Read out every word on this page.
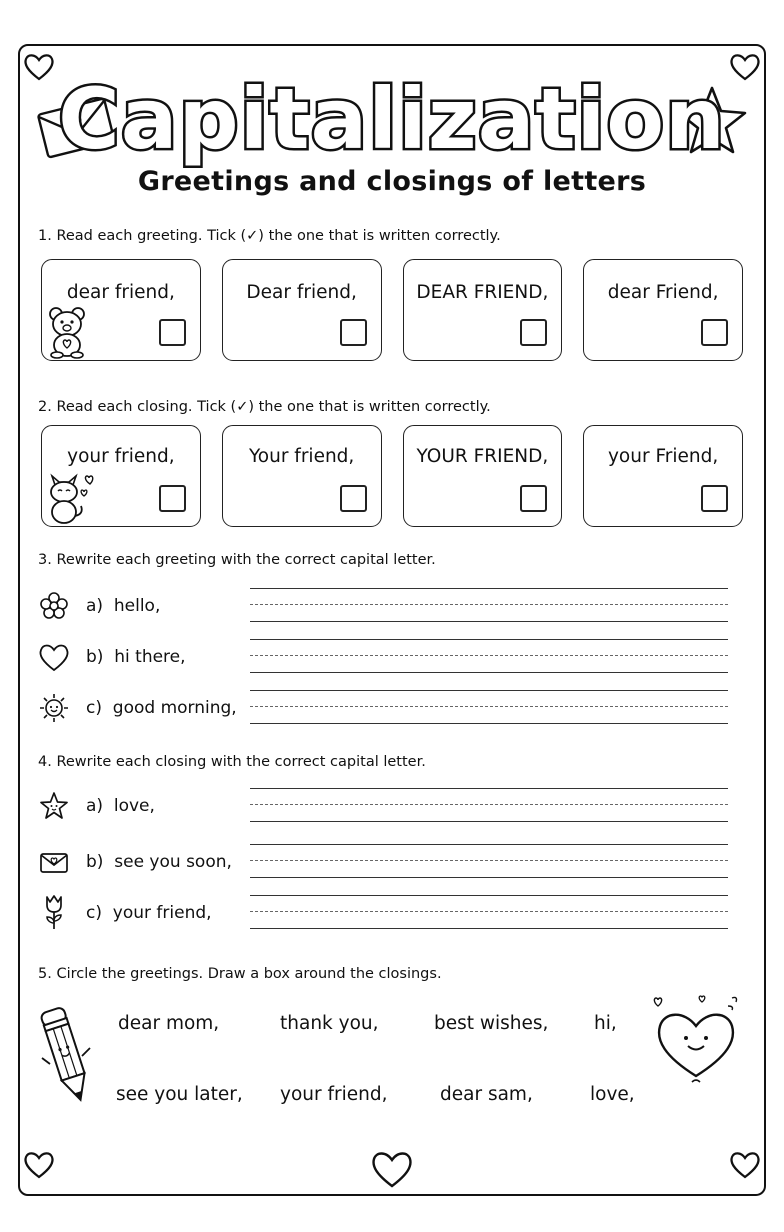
Capitalization
Greetings and closings of letters
1. Read each greeting. Tick (✓) the one that is written correctly.
dear friend,	Dear friend,	DEAR FRIEND,	dear Friend,
2. Read each closing. Tick (✓) the one that is written correctly.
your friend,	Your friend,	YOUR FRIEND,	your Friend,
3. Rewrite each greeting with the correct capital letter.
a) hello,
b) hi there,
c) good morning,
4. Rewrite each closing with the correct capital letter.
a) love,
b) see you soon,
c) your friend,
5. Circle the greetings. Draw a box around the closings.
dear mom,	thank you,	best wishes, hi,
see you later, your friend,	dear sam,	love,
